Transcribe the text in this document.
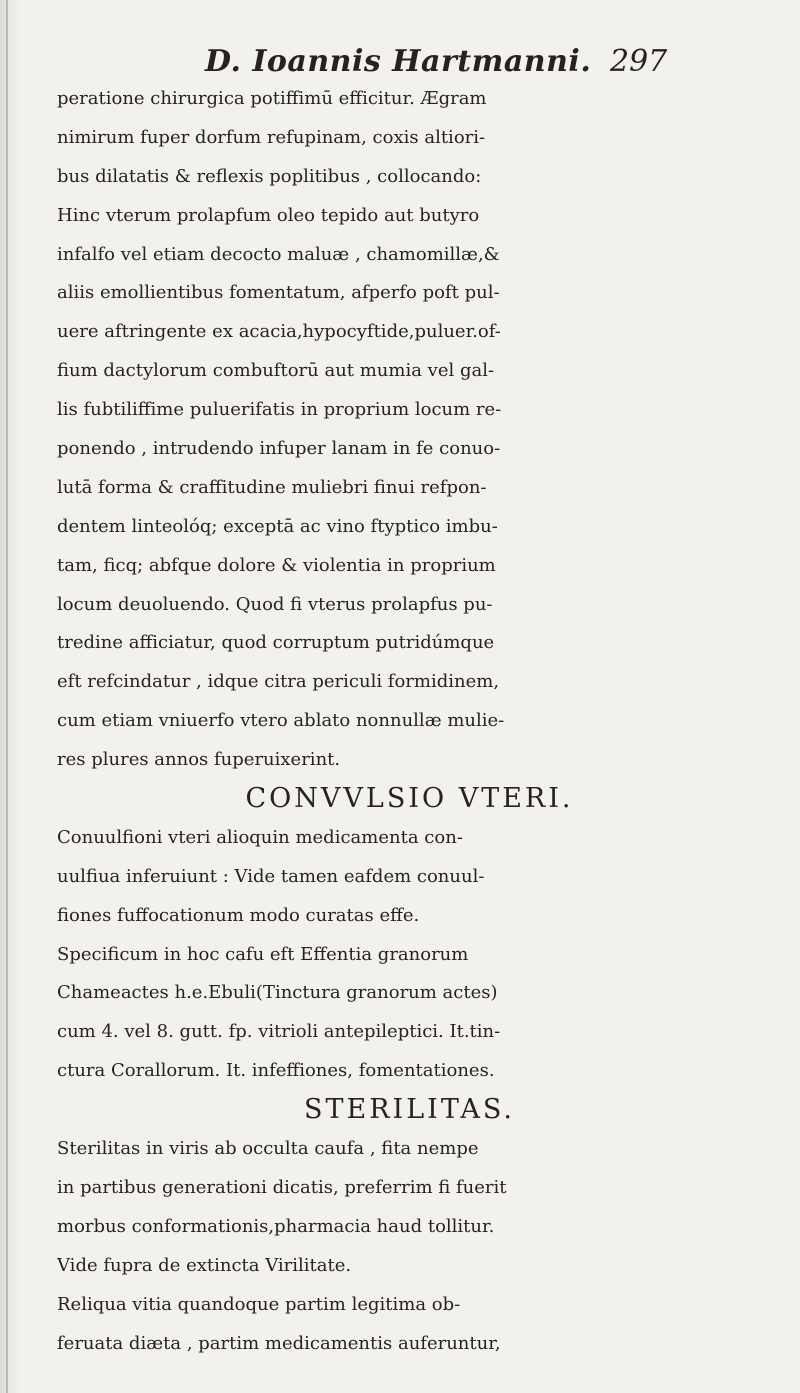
D. Ioannis Hartmanni. 297
peratione chirurgica potiffimū efficitur. Ægram
nimirum fuper dorfum refupinam, coxis altiori-
bus dilatatis & reflexis poplitibus , collocando:
Hinc vterum prolapfum oleo tepido aut butyro
infalfo vel etiam decocto maluæ , chamomillæ,&
aliis emollientibus fomentatum, afperfo poft pul-
uere aftringente ex acacia,hypocyftide,puluer.of-
fium dactylorum combuftorū aut mumia vel gal-
lis fubtiliffime puluerifatis in proprium locum re-
ponendo , intrudendo infuper lanam in fe conuo-
lutā forma & craffitudine muliebri finui refpon-
dentem linteolóq; exceptā ac vino ftyptico imbu-
tam, ficq; abfque dolore & violentia in proprium
locum deuoluendo. Quod fi vterus prolapfus pu-
tredine afficiatur, quod corruptum putridúmque
eft refcindatur , idque citra periculi formidinem,
cum etiam vniuerfo vtero ablato nonnullæ mulie-
res plures annos fuperuixerint.
CONVVLSIO VTERI.
Conuulfioni vteri alioquin medicamenta con-
uulfiua inferuiunt : Vide tamen eafdem conuul-
fiones fuffocationum modo curatas effe.
Specificum in hoc cafu eft Effentia granorum
Chameactes h.e.Ebuli(Tinctura granorum actes)
cum 4. vel 8. gutt. fp. vitrioli antepileptici. It.tin-
ctura Corallorum. It. infeffiones, fomentationes.
STERILITAS.
Sterilitas in viris ab occulta caufa , fita nempe
in partibus generationi dicatis, preferrim fi fuerit
morbus conformationis,pharmacia haud tollitur.
Vide fupra de extincta Virilitate.
Reliqua vitia quandoque partim legitima ob-
feruata diæta , partim medicamentis auferuntur,
